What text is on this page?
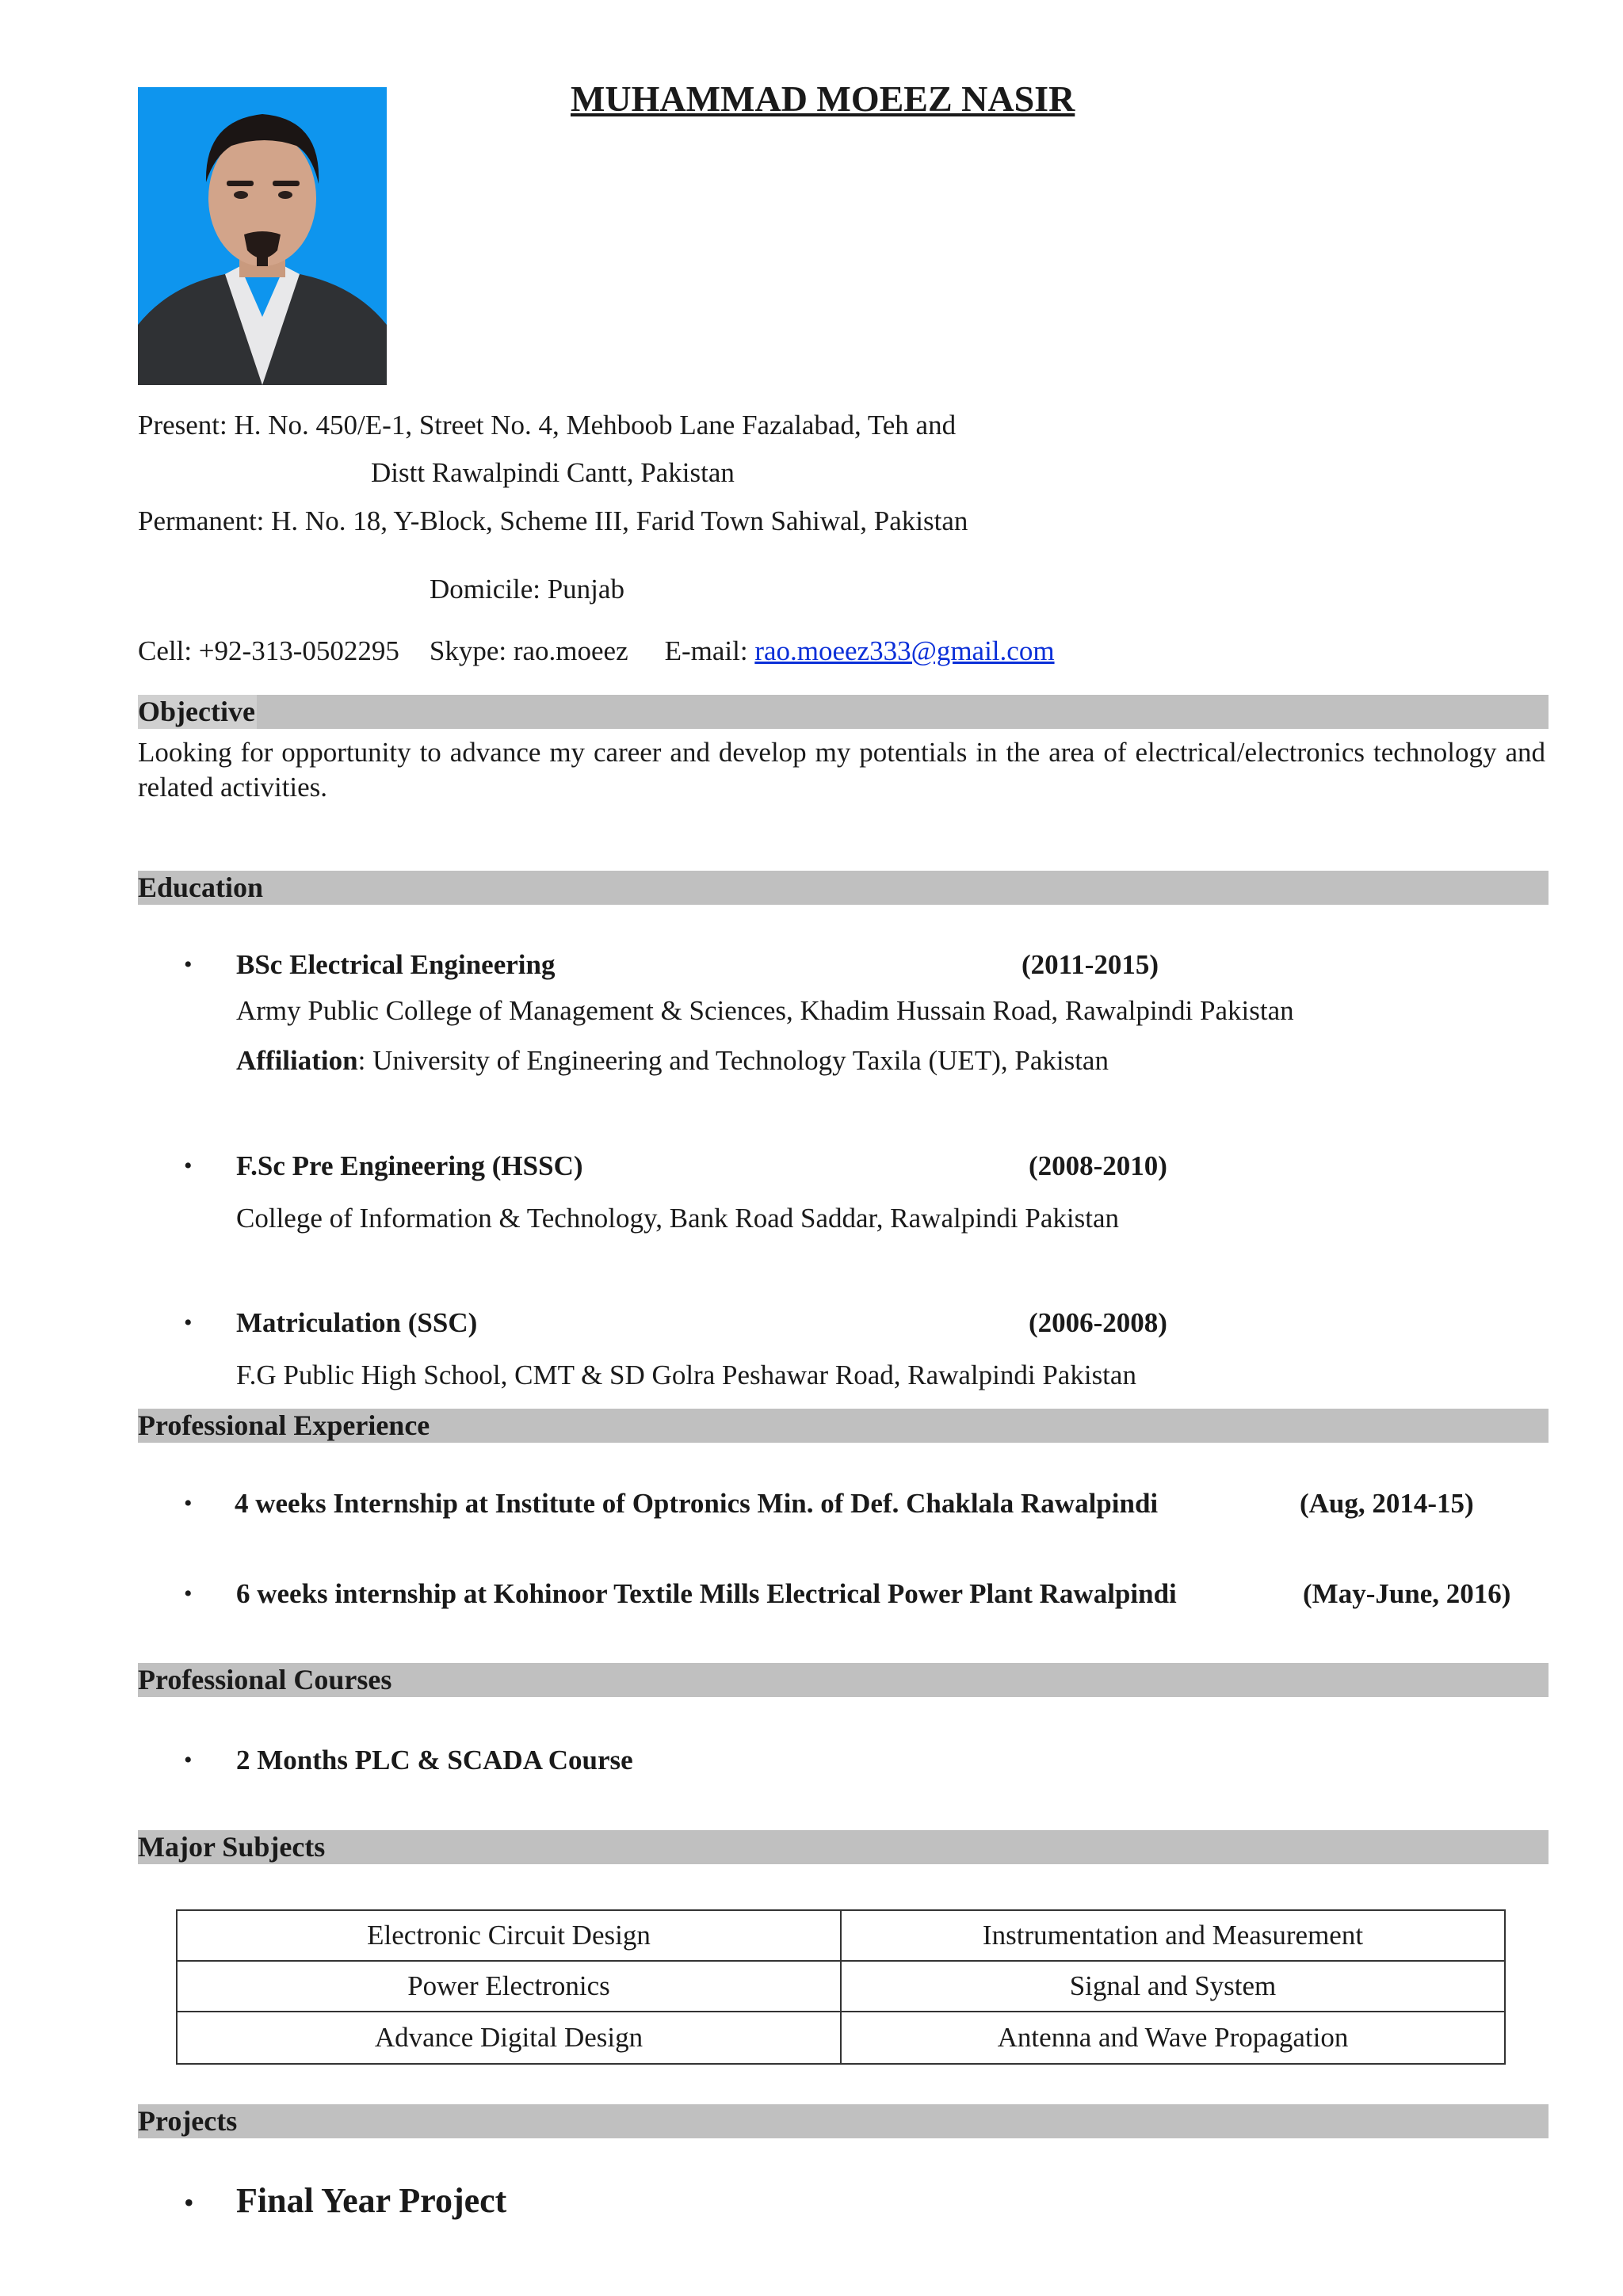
MUHAMMAD MOEEZ NASIR
Present: H. No. 450/E-1, Street No. 4, Mehboob Lane Fazalabad, Teh and
Distt Rawalpindi Cantt, Pakistan
Permanent: H. No. 18, Y-Block, Scheme III, Farid Town Sahiwal, Pakistan
Domicile: Punjab
Cell: +92-313-0502295 Skype: rao.moeez E-mail: rao.moeez333@gmail.com
Objective
Looking for opportunity to advance my career and develop my potentials in the area of electrical/electronics technology and related activities.
Education
• BSc Electrical Engineering	(2011-2015)
Army Public College of Management & Sciences, Khadim Hussain Road, Rawalpindi Pakistan
Affiliation: University of Engineering and Technology Taxila (UET), Pakistan
• F.Sc Pre Engineering (HSSC)	(2008-2010)
College of Information & Technology, Bank Road Saddar, Rawalpindi Pakistan
• Matriculation (SSC)	(2006-2008)
F.G Public High School, CMT & SD Golra Peshawar Road, Rawalpindi Pakistan
Professional Experience
• 4 weeks Internship at Institute of Optronics Min. of Def. Chaklala Rawalpindi	(Aug, 2014-15)
• 6 weeks internship at Kohinoor Textile Mills Electrical Power Plant Rawalpindi	(May-June, 2016)
Professional Courses
• 2 Months PLC & SCADA Course
Major Subjects
Electronic Circuit Design	Instrumentation and Measurement
Power Electronics	Signal and System
Advance Digital Design	Antenna and Wave Propagation
Projects
• Final Year Project
